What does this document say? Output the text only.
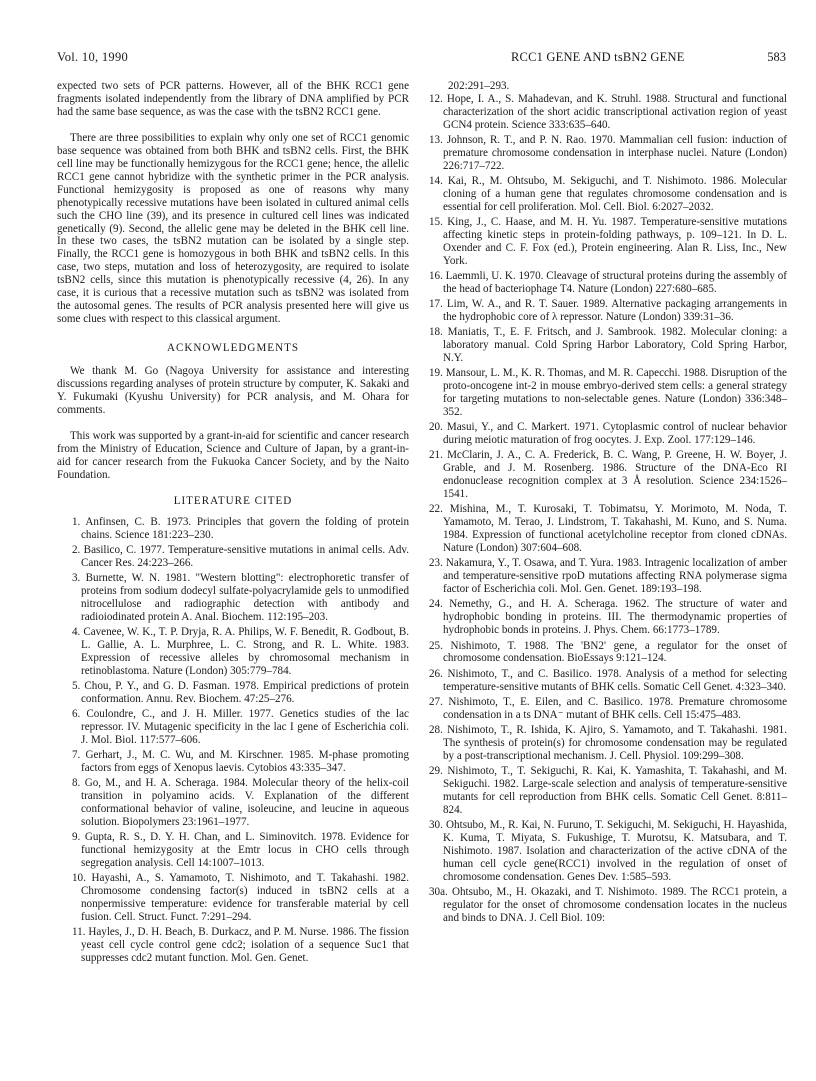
Vol. 10, 1990	RCC1 GENE AND tsBN2 GENE	583

expected two sets of PCR patterns. However, all of the BHK RCC1 gene fragments isolated independently from the library of DNA amplified by PCR had the same base sequence, as was the case with the tsBN2 RCC1 gene.

There are three possibilities to explain why only one set of RCC1 genomic base sequence was obtained from both BHK and tsBN2 cells. First, the BHK cell line may be functionally hemizygous for the RCC1 gene; hence, the allelic RCC1 gene cannot hybridize with the synthetic primer in the PCR analysis. Functional hemizygosity is proposed as one of reasons why many phenotypically recessive mutations have been isolated in cultured animal cells such the CHO line (39), and its presence in cultured cell lines was indicated genetically (9). Second, the allelic gene may be deleted in the BHK cell line. In these two cases, the tsBN2 mutation can be isolated by a single step. Finally, the RCC1 gene is homozygous in both BHK and tsBN2 cells. In this case, two steps, mutation and loss of heterozygosity, are required to isolate tsBN2 cells, since this mutation is phenotypically recessive (4, 26). In any case, it is curious that a recessive mutation such as tsBN2 was isolated from the autosomal genes. The results of PCR analysis presented here will give us some clues with respect to this classical argument.

ACKNOWLEDGMENTS

We thank M. Go (Nagoya University for assistance and interesting discussions regarding analyses of protein structure by computer, K. Sakaki and Y. Fukumaki (Kyushu University) for PCR analysis, and M. Ohara for comments.

This work was supported by a grant-in-aid for scientific and cancer research from the Ministry of Education, Science and Culture of Japan, by a grant-in-aid for cancer research from the Fukuoka Cancer Society, and by the Naito Foundation.

LITERATURE CITED
1. Anfinsen, C. B. 1973. Principles that govern the folding of protein chains. Science 181:223–230.
2. Basilico, C. 1977. Temperature-sensitive mutations in animal cells. Adv. Cancer Res. 24:223–266.
3. Burnette, W. N. 1981. "Western blotting": electrophoretic transfer of proteins from sodium dodecyl sulfate-polyacrylamide gels to unmodified nitrocellulose and radiographic detection with antibody and radioiodinated protein A. Anal. Biochem. 112:195–203.
4. Cavenee, W. K., T. P. Dryja, R. A. Philips, W. F. Benedit, R. Godbout, B. L. Gallie, A. L. Murphree, L. C. Strong, and R. L. White. 1983. Expression of recessive alleles by chromosomal mechanism in retinoblastoma. Nature (London) 305:779–784.
5. Chou, P. Y., and G. D. Fasman. 1978. Empirical predictions of protein conformation. Annu. Rev. Biochem. 47:25–276.
6. Coulondre, C., and J. H. Miller. 1977. Genetics studies of the lac repressor. IV. Mutagenic specificity in the lac I gene of Escherichia coli. J. Mol. Biol. 117:577–606.
7. Gerhart, J., M. C. Wu, and M. Kirschner. 1985. M-phase promoting factors from eggs of Xenopus laevis. Cytobios 43:335–347.
8. Go, M., and H. A. Scheraga. 1984. Molecular theory of the helix-coil transition in polyamino acids. V. Explanation of the different conformational behavior of valine, isoleucine, and leucine in aqueous solution. Biopolymers 23:1961–1977.
9. Gupta, R. S., D. Y. H. Chan, and L. Siminovitch. 1978. Evidence for functional hemizygosity at the Emtr locus in CHO cells through segregation analysis. Cell 14:1007–1013.
10. Hayashi, A., S. Yamamoto, T. Nishimoto, and T. Takahashi. 1982. Chromosome condensing factor(s) induced in tsBN2 cells at a nonpermissive temperature: evidence for transferable material by cell fusion. Cell. Struct. Funct. 7:291–294.
11. Hayles, J., D. H. Beach, B. Durkacz, and P. M. Nurse. 1986. The fission yeast cell cycle control gene cdc2; isolation of a sequence Suc1 that suppresses cdc2 mutant function. Mol. Gen. Genet.

202:291–293.

12. Hope, I. A., S. Mahadevan, and K. Struhl. 1988. Structural and functional characterization of the short acidic transcriptional activation region of yeast GCN4 protein. Science 333:635–640.
13. Johnson, R. T., and P. N. Rao. 1970. Mammalian cell fusion: induction of premature chromosome condensation in interphase nuclei. Nature (London) 226:717–722.
14. Kai, R., M. Ohtsubo, M. Sekiguchi, and T. Nishimoto. 1986. Molecular cloning of a human gene that regulates chromosome condensation and is essential for cell proliferation. Mol. Cell. Biol. 6:2027–2032.
15. King, J., C. Haase, and M. H. Yu. 1987. Temperature-sensitive mutations affecting kinetic steps in protein-folding pathways, p. 109–121. In D. L. Oxender and C. F. Fox (ed.), Protein engineering. Alan R. Liss, Inc., New York.
16. Laemmli, U. K. 1970. Cleavage of structural proteins during the assembly of the head of bacteriophage T4. Nature (London) 227:680–685.
17. Lim, W. A., and R. T. Sauer. 1989. Alternative packaging arrangements in the hydrophobic core of λ repressor. Nature (London) 339:31–36.
18. Maniatis, T., E. F. Fritsch, and J. Sambrook. 1982. Molecular cloning: a laboratory manual. Cold Spring Harbor Laboratory, Cold Spring Harbor, N.Y.
19. Mansour, L. M., K. R. Thomas, and M. R. Capecchi. 1988. Disruption of the proto-oncogene int-2 in mouse embryo-derived stem cells: a general strategy for targeting mutations to non-selectable genes. Nature (London) 336:348–352.
20. Masui, Y., and C. Markert. 1971. Cytoplasmic control of nuclear behavior during meiotic maturation of frog oocytes. J. Exp. Zool. 177:129–146.
21. McClarin, J. A., C. A. Frederick, B. C. Wang, P. Greene, H. W. Boyer, J. Grable, and J. M. Rosenberg. 1986. Structure of the DNA-Eco RI endonuclease recognition complex at 3 Å resolution. Science 234:1526–1541.
22. Mishina, M., T. Kurosaki, T. Tobimatsu, Y. Morimoto, M. Noda, T. Yamamoto, M. Terao, J. Lindstrom, T. Takahashi, M. Kuno, and S. Numa. 1984. Expression of functional acetylcholine receptor from cloned cDNAs. Nature (London) 307:604–608.
23. Nakamura, Y., T. Osawa, and T. Yura. 1983. Intragenic localization of amber and temperature-sensitive rpoD mutations affecting RNA polymerase sigma factor of Escherichia coli. Mol. Gen. Genet. 189:193–198.
24. Nemethy, G., and H. A. Scheraga. 1962. The structure of water and hydrophobic bonding in proteins. III. The thermodynamic properties of hydrophobic bonds in proteins. J. Phys. Chem. 66:1773–1789.
25. Nishimoto, T. 1988. The 'BN2' gene, a regulator for the onset of chromosome condensation. BioEssays 9:121–124.
26. Nishimoto, T., and C. Basilico. 1978. Analysis of a method for selecting temperature-sensitive mutants of BHK cells. Somatic Cell Genet. 4:323–340.
27. Nishimoto, T., E. Eilen, and C. Basilico. 1978. Premature chromosome condensation in a ts DNA⁻ mutant of BHK cells. Cell 15:475–483.
28. Nishimoto, T., R. Ishida, K. Ajiro, S. Yamamoto, and T. Takahashi. 1981. The synthesis of protein(s) for chromosome condensation may be regulated by a post-transcriptional mechanism. J. Cell. Physiol. 109:299–308.
29. Nishimoto, T., T. Sekiguchi, R. Kai, K. Yamashita, T. Takahashi, and M. Sekiguchi. 1982. Large-scale selection and analysis of temperature-sensitive mutants for cell reproduction from BHK cells. Somatic Cell Genet. 8:811–824.
30. Ohtsubo, M., R. Kai, N. Furuno, T. Sekiguchi, M. Sekiguchi, H. Hayashida, K. Kuma, T. Miyata, S. Fukushige, T. Murotsu, K. Matsubara, and T. Nishimoto. 1987. Isolation and characterization of the active cDNA of the human cell cycle gene(RCC1) involved in the regulation of onset of chromosome condensation. Genes Dev. 1:585–593.
30a. Ohtsubo, M., H. Okazaki, and T. Nishimoto. 1989. The RCC1 protein, a regulator for the onset of chromosome condensation locates in the nucleus and binds to DNA. J. Cell Biol. 109:
